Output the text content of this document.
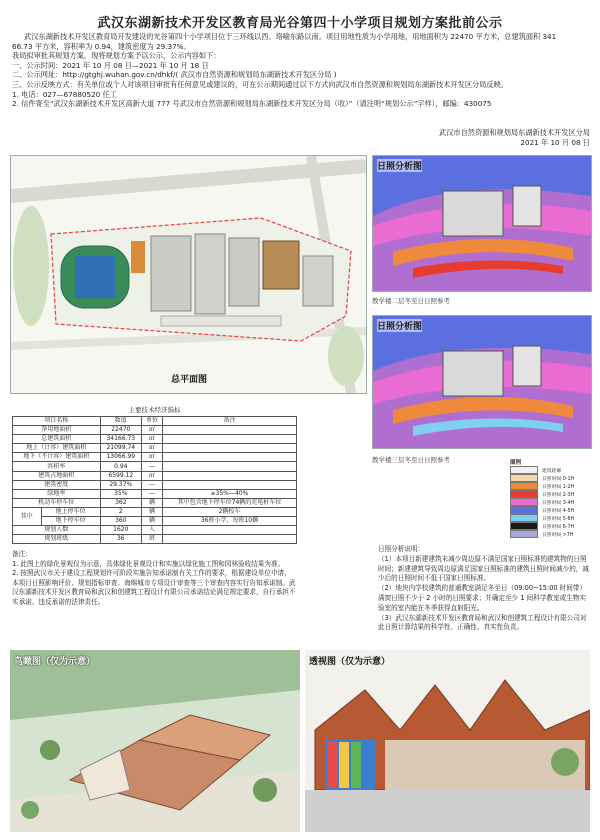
武汉东湖新技术开发区教育局光谷第四十小学项目规划方案批前公示
武汉东湖新技术开发区教育局开发建设的光谷第四十小学项目位于三环线以西、珞喻东路以南。项目用地性质为小学用地，用地面积为 22470 平方米，总建筑面积 341
66.73 平方米，容积率为 0.94，建筑密度为 29.37%。
我局拟审批其规划方案，现将规划方案予以公示，公示内容如下：
一、公示时间：2021 年 10 月 08 日—2021 年 10 月 18 日
二、公示网址：http://gtghj.wuhan.gov.cn/dhkf/( 武汉市自然资源和规划局东湖新技术开发区分局 )
三、公示反映方式：有关单位或个人对该项目审批有任何意见或建议的，可在公示期间通过以下方式向武汉市自然资源和规划局东湖新技术开发区分局反映。
1. 电话：027—67880520 任工
2. 信件寄至“武汉东湖新技术开发区高新大道 777 号武汉市自然资源和规划局东湖新技术开发区分局（收）”（请注明“规划公示”字样），邮编：430075
武汉市自然资源和规划局东湖新技术开发区分局
2021 年 10 月 08 日
总平面图
日照分析图
教学楼二层冬至日日照参考
日照分析图
教学楼三层冬至日日照参考	图例
建筑轮廓
日照时间 0-1H
日照时间 1-2H
日照时间 2-3H
日照时间 3-4H
日照时间 4-5H
日照时间 5-6H
日照时间 6-7H
日照时间 >7H
主要技术经济指标
项目名称		数值	单位	备注
净用地面积		22470	㎡	
总建筑面积		34166.73	㎡	
地上（计容）建筑面积		21099.74	㎡	
地下（不计容）建筑面积		13066.99	㎡	
容积率		0.94	—	
建筑占地面积		6599.12	㎡	
建筑密度		29.37%	—	
绿地率		35%	—	≥35%—40%
机动车停车位		362	辆	其中包含地下停车位74辆的充电桩车位
其中	地上停车位	2	辆	2辆校车
	地下停车位	360	辆	36班小学，每班10辆
规划人数		1620	人	
规划班级		36	班	
备注:
1. 此图上的绿化景观仅为示意，具体绿化景观设计和实施以绿化施工图和园林验收结果为准。
2. 按照武汉市关于建设工程规划许可阶段实施告知承诺制有关工作的要求，根据建设单位申请，本项目日照影响评价、规划指标审查、海绵城市专项设计审查等三个审查内容实行告知承诺制。武汉东湖新技术开发区教育局和武汉和创建筑工程设计有限公司承诺结论满足规定要求，自行承担不实承诺、违反承诺的法律责任。
日照分析说明：
（1）本项目新建建筑未减少周边原不满足国家日照标准的建筑物的日照时间；新建建筑导致周边原满足国家日照标准的建筑日照时间减少的，减少后的日照时间不低于国家日照标准。
（2）地块内学校建筑的普通教室满足冬至日（09:00~15:00 时间带）满窗日照不少于 2 小时的日照要求；并确定至少 1 间科学教室或生物实验室的室内能在冬季获得直射阳光。
（3）武汉东湖新技术开发区教育局和武汉和创建筑工程设计有限公司对此日照计算结果的科学性、正确性、真实性负责。
鸟瞰图（仅为示意）	透视图（仅为示意）
